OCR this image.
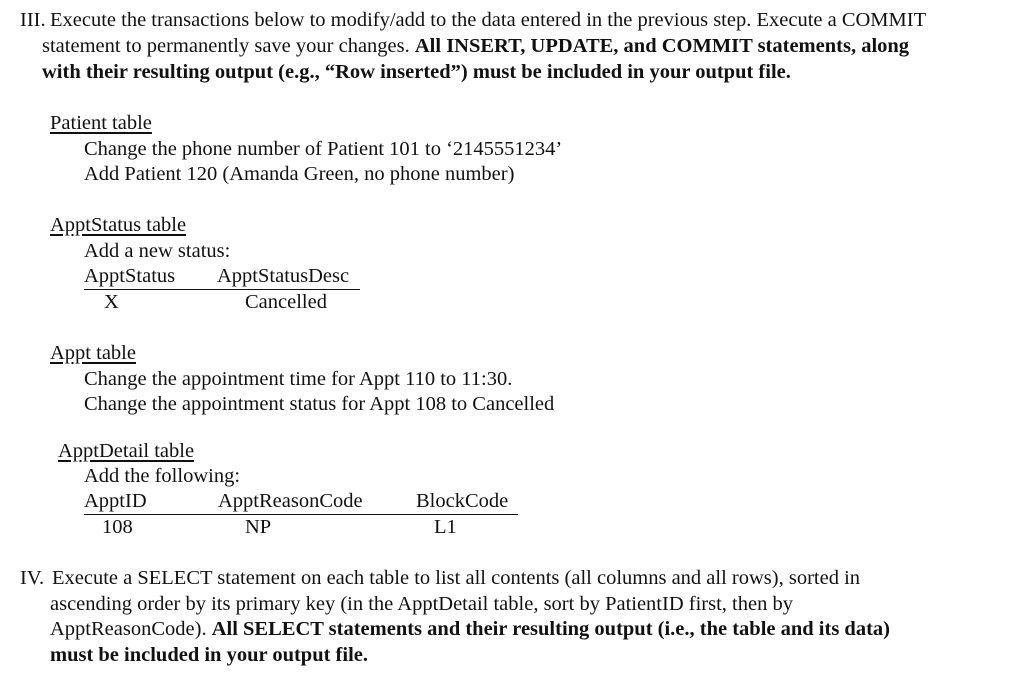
III. Execute the transactions below to modify/add to the data entered in the previous step. Execute a COMMIT
statement to permanently save your changes. All INSERT, UPDATE, and COMMIT statements, along
with their resulting output (e.g., “Row inserted”) must be included in your output file.
Patient table
Change the phone number of Patient 101 to ‘2145551234’
Add Patient 120 (Amanda Green, no phone number)
ApptStatus table
Add a new status:
ApptStatus ApptStatusDesc
X	Cancelled
Appt table
Change the appointment time for Appt 110 to 11:30.
Change the appointment status for Appt 108 to Cancelled
ApptDetail table
Add the following:
ApptID	ApptReasonCode	BlockCode
108	NP	L1
IV. Execute a SELECT statement on each table to list all contents (all columns and all rows), sorted in
ascending order by its primary key (in the ApptDetail table, sort by PatientID first, then by
ApptReasonCode). All SELECT statements and their resulting output (i.e., the table and its data)
must be included in your output file.
